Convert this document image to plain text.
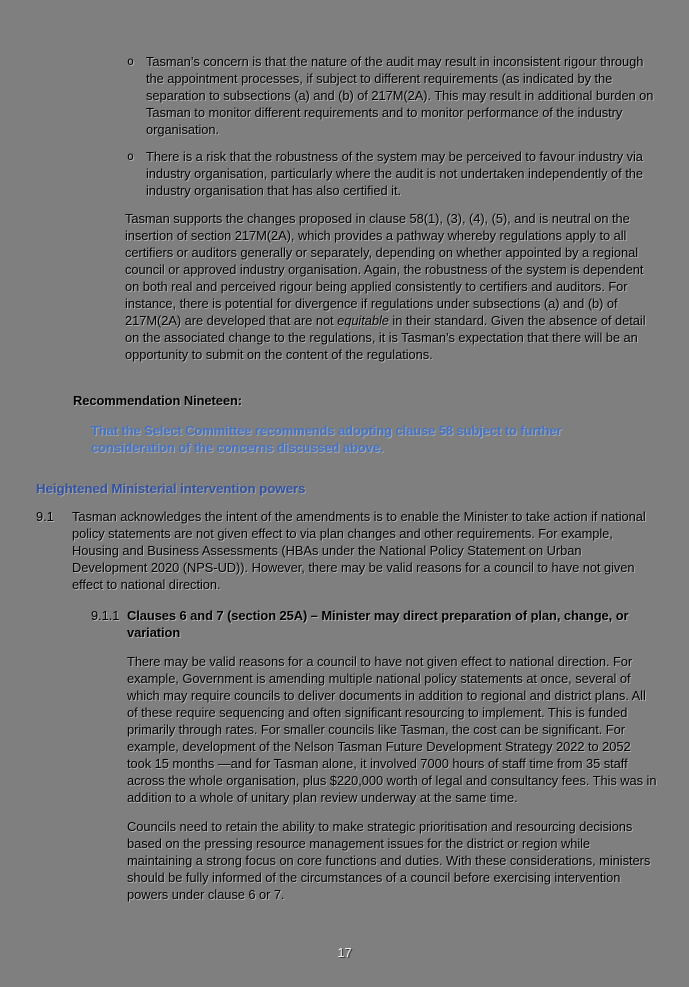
o Tasman’s concern is that the nature of the audit may result in inconsistent rigour through the appointment processes, if subject to different requirements (as indicated by the separation to subsections (a) and (b) of 217M(2A). This may result in additional burden on Tasman to monitor different requirements and to monitor performance of the industry organisation.
o There is a risk that the robustness of the system may be perceived to favour industry via industry organisation, particularly where the audit is not undertaken independently of the industry organisation that has also certified it.
Tasman supports the changes proposed in clause 58(1), (3), (4), (5), and is neutral on the insertion of section 217M(2A), which provides a pathway whereby regulations apply to all certifiers or auditors generally or separately, depending on whether appointed by a regional council or approved industry organisation. Again, the robustness of the system is dependent on both real and perceived rigour being applied consistently to certifiers and auditors. For instance, there is potential for divergence if regulations under subsections (a) and (b) of 217M(2A) are developed that are not equitable in their standard. Given the absence of detail on the associated change to the regulations, it is Tasman’s expectation that there will be an opportunity to submit on the content of the regulations.
Recommendation Nineteen:
That the Select Committee recommends adopting clause 58 subject to further consideration of the concerns discussed above.
Heightened Ministerial intervention powers
9.1 Tasman acknowledges the intent of the amendments is to enable the Minister to take action if national policy statements are not given effect to via plan changes and other requirements. For example, Housing and Business Assessments (HBAs under the National Policy Statement on Urban Development 2020 (NPS-UD)). However, there may be valid reasons for a council to have not given effect to national direction.
9.1.1 Clauses 6 and 7 (section 25A) – Minister may direct preparation of plan, change, or variation

There may be valid reasons for a council to have not given effect to national direction. For example, Government is amending multiple national policy statements at once, several of which may require councils to deliver documents in addition to regional and district plans. All of these require sequencing and often significant resourcing to implement. This is funded primarily through rates. For smaller councils like Tasman, the cost can be significant. For example, development of the Nelson Tasman Future Development Strategy 2022 to 2052 took 15 months —and for Tasman alone, it involved 7000 hours of staff time from 35 staff across the whole organisation, plus $220,000 worth of legal and consultancy fees. This was in addition to a whole of unitary plan review underway at the same time.

Councils need to retain the ability to make strategic prioritisation and resourcing decisions based on the pressing resource management issues for the district or region while maintaining a strong focus on core functions and duties. With these considerations, ministers should be fully informed of the circumstances of a council before exercising intervention powers under clause 6 or 7.

17
